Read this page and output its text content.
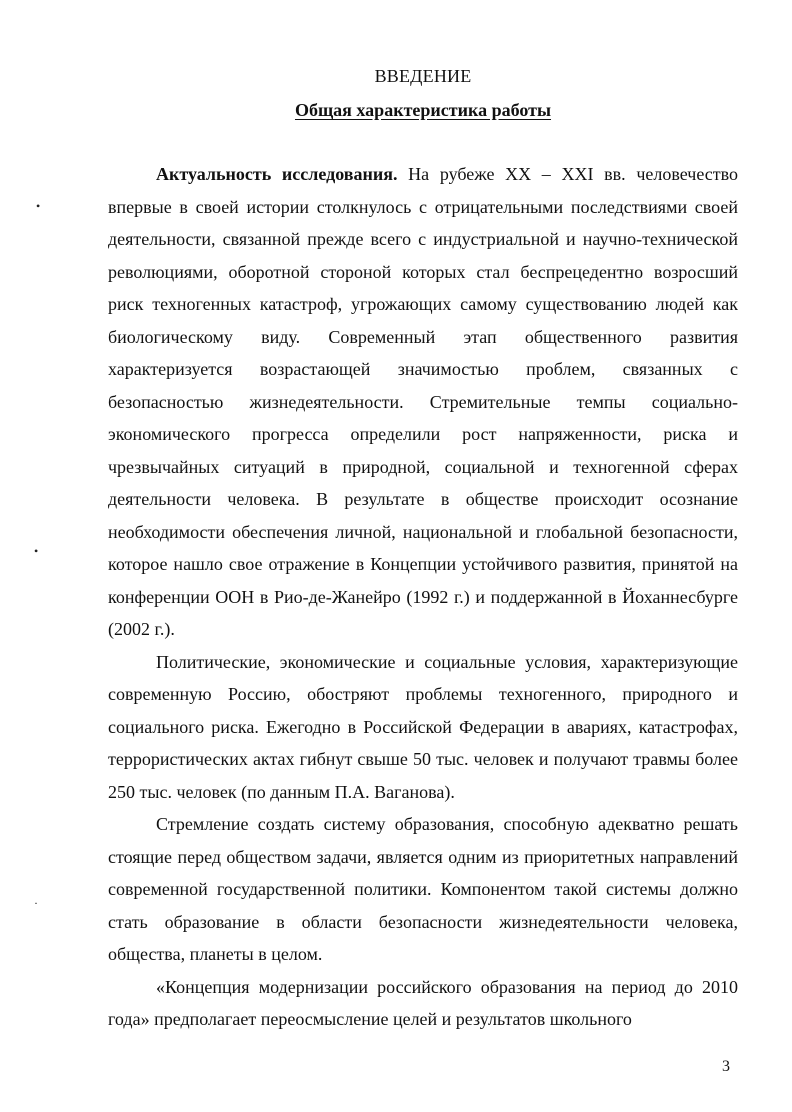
ВВЕДЕНИЕ
Общая характеристика работы

Актуальность исследования. На рубеже XX – XXI вв. человечество впервые в своей истории столкнулось с отрицательными последствиями своей деятельности, связанной прежде всего с индустриальной и научно-технической революциями, оборотной стороной которых стал беспрецедентно возросший риск техногенных катастроф, угрожающих самому существованию людей как биологическому виду. Современный этап общественного развития характеризуется возрастающей значимостью проблем, связанных с безопасностью жизнедеятельности. Стремительные темпы социально-экономического прогресса определили рост напряженности, риска и чрезвычайных ситуаций в природной, социальной и техногенной сферах деятельности человека. В результате в обществе происходит осознание необходимости обеспечения личной, национальной и глобальной безопасности, которое нашло свое отражение в Концепции устойчивого развития, принятой на конференции ООН в Рио-де-Жанейро (1992 г.) и поддержанной в Йоханнесбурге (2002 г.).

Политические, экономические и социальные условия, характеризующие современную Россию, обостряют проблемы техногенного, природного и социального риска. Ежегодно в Российской Федерации в авариях, катастрофах, террористических актах гибнут свыше 50 тыс. человек и получают травмы более 250 тыс. человек (по данным П.А. Ваганова).

Стремление создать систему образования, способную адекватно решать стоящие перед обществом задачи, является одним из приоритетных направлений современной государственной политики. Компонентом такой системы должно стать образование в области безопасности жизнедеятельности человека, общества, планеты в целом.

«Концепция модернизации российского образования на период до 2010 года» предполагает переосмысление целей и результатов школьного

•
•
·
3
